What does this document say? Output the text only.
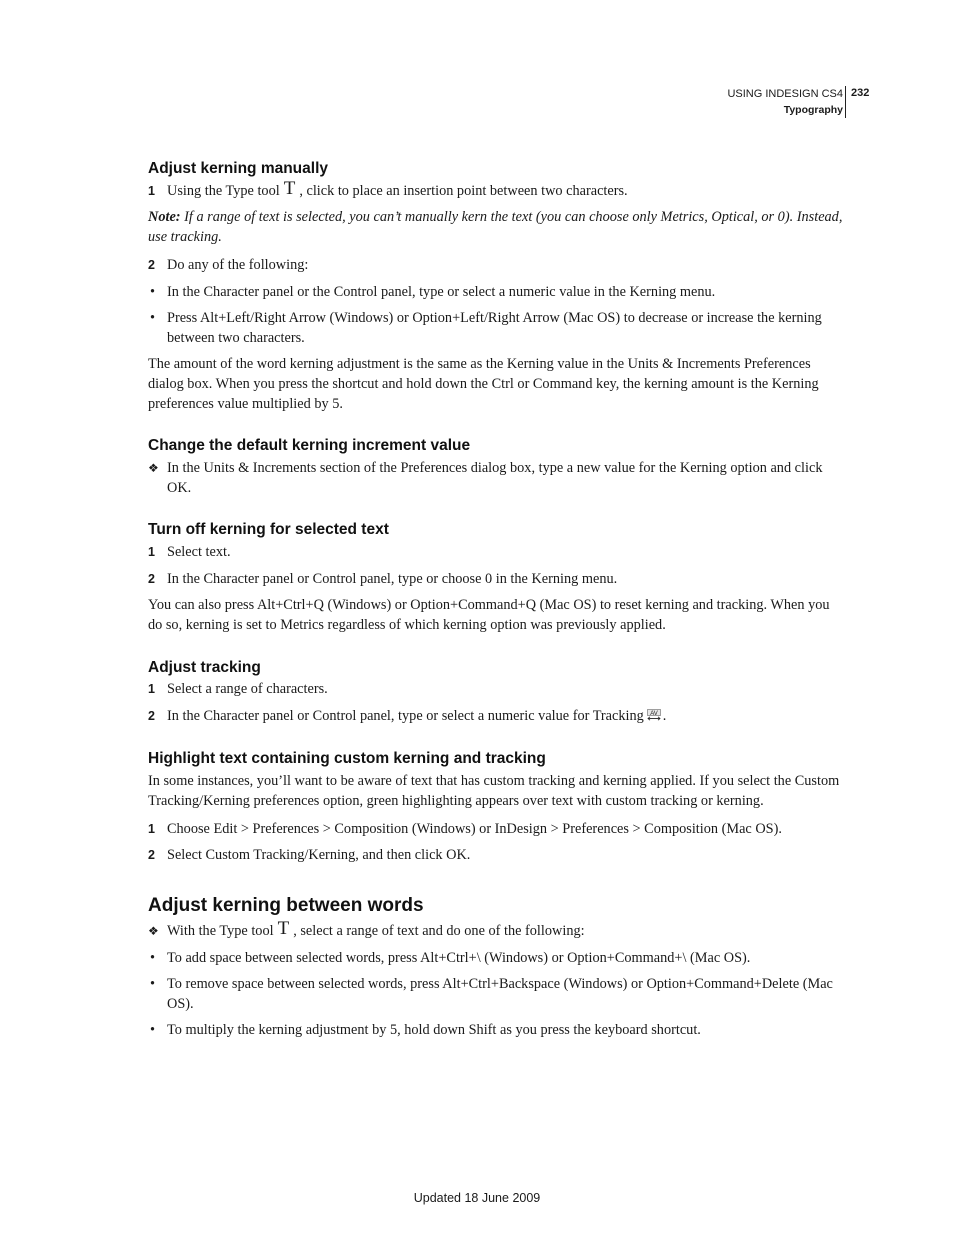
USING INDESIGN CS4
Typography
232
Adjust kerning manually
1 Using the Type tool T , click to place an insertion point between two characters.
Note: If a range of text is selected, you can’t manually kern the text (you can choose only Metrics, Optical, or 0). Instead, use tracking.
2 Do any of the following:
• In the Character panel or the Control panel, type or select a numeric value in the Kerning menu.
• Press Alt+Left/Right Arrow (Windows) or Option+Left/Right Arrow (Mac OS) to decrease or increase the kerning between two characters.
The amount of the word kerning adjustment is the same as the Kerning value in the Units & Increments Preferences dialog box. When you press the shortcut and hold down the Ctrl or Command key, the kerning amount is the Kerning preferences value multiplied by 5.
Change the default kerning increment value
❖ In the Units & Increments section of the Preferences dialog box, type a new value for the Kerning option and click OK.
Turn off kerning for selected text
1 Select text.
2 In the Character panel or Control panel, type or choose 0 in the Kerning menu.
You can also press Alt+Ctrl+Q (Windows) or Option+Command+Q (Mac OS) to reset kerning and tracking. When you do so, kerning is set to Metrics regardless of which kerning option was previously applied.
Adjust tracking
1 Select a range of characters.
2 In the Character panel or Control panel, type or select a numeric value for Tracking AV .
Highlight text containing custom kerning and tracking
In some instances, you’ll want to be aware of text that has custom tracking and kerning applied. If you select the Custom Tracking/Kerning preferences option, green highlighting appears over text with custom tracking or kerning.
1 Choose Edit > Preferences > Composition (Windows) or InDesign > Preferences > Composition (Mac OS).
2 Select Custom Tracking/Kerning, and then click OK.
Adjust kerning between words
❖ With the Type tool T , select a range of text and do one of the following:
• To add space between selected words, press Alt+Ctrl+\ (Windows) or Option+Command+\ (Mac OS).
• To remove space between selected words, press Alt+Ctrl+Backspace (Windows) or Option+Command+Delete (Mac OS).
• To multiply the kerning adjustment by 5, hold down Shift as you press the keyboard shortcut.
Updated 18 June 2009
